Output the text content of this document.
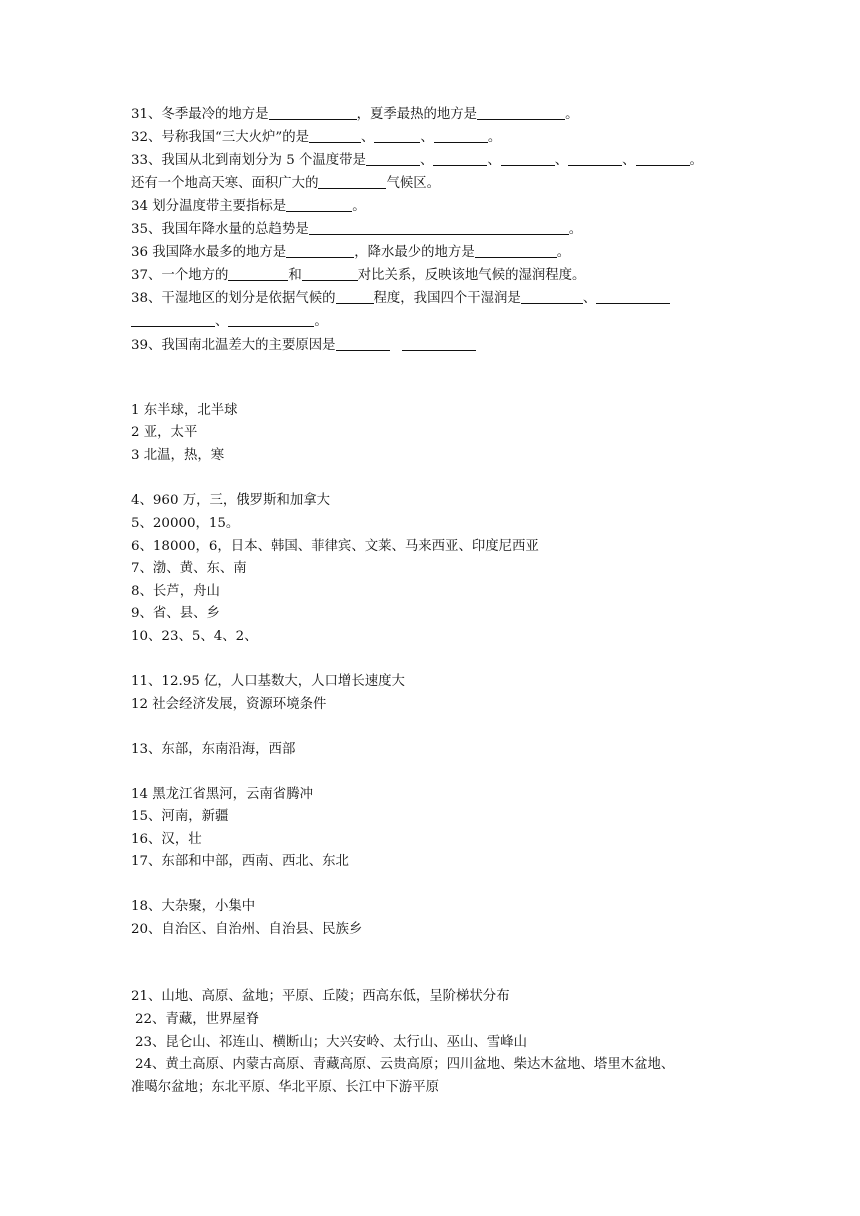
31、冬季最冷的地方是	，夏季最热的地方是	。
32、号称我国“三大火炉”的是	、	、	。
33、我国从北到南划分为 5 个温度带是	、	、	、	、	。
还有一个地高天寒、面积广大的	气候区。
34 划分温度带主要指标是	。
35、我国年降水量的总趋势是	。
36 我国降水最多的地方是	，降水最少的地方是	。
37、一个地方的	和	对比关系，反映该地气候的湿润程度。
38、干湿地区的划分是依据气候的	程度，我国四个干湿润是	、
、	。
39、我国南北温差大的主要原因是
1 东半球，北半球
2 亚，太平
3 北温，热，寒
4、960 万，三，俄罗斯和加拿大
5、20000，15。
6、18000，6，日本、韩国、菲律宾、文莱、马来西亚、印度尼西亚
7、渤、黄、东、南
8、长芦，舟山
9、省、县、乡
10、23、5、4、2、
11、12.95 亿，人口基数大，人口增长速度大
12 社会经济发展，资源环境条件
13、东部，东南沿海，西部
14 黑龙江省黑河，云南省腾冲
15、河南，新疆
16、汉，壮
17、东部和中部，西南、西北、东北
18、大杂聚，小集中
20、自治区、自治州、自治县、民族乡
21、山地、高原、盆地；平原、丘陵；西高东低，呈阶梯状分布
22、青藏，世界屋脊
23、昆仑山、祁连山、横断山；大兴安岭、太行山、巫山、雪峰山
24、黄土高原、内蒙古高原、青藏高原、云贵高原；四川盆地、柴达木盆地、塔里木盆地、
准噶尔盆地；东北平原、华北平原、长江中下游平原
